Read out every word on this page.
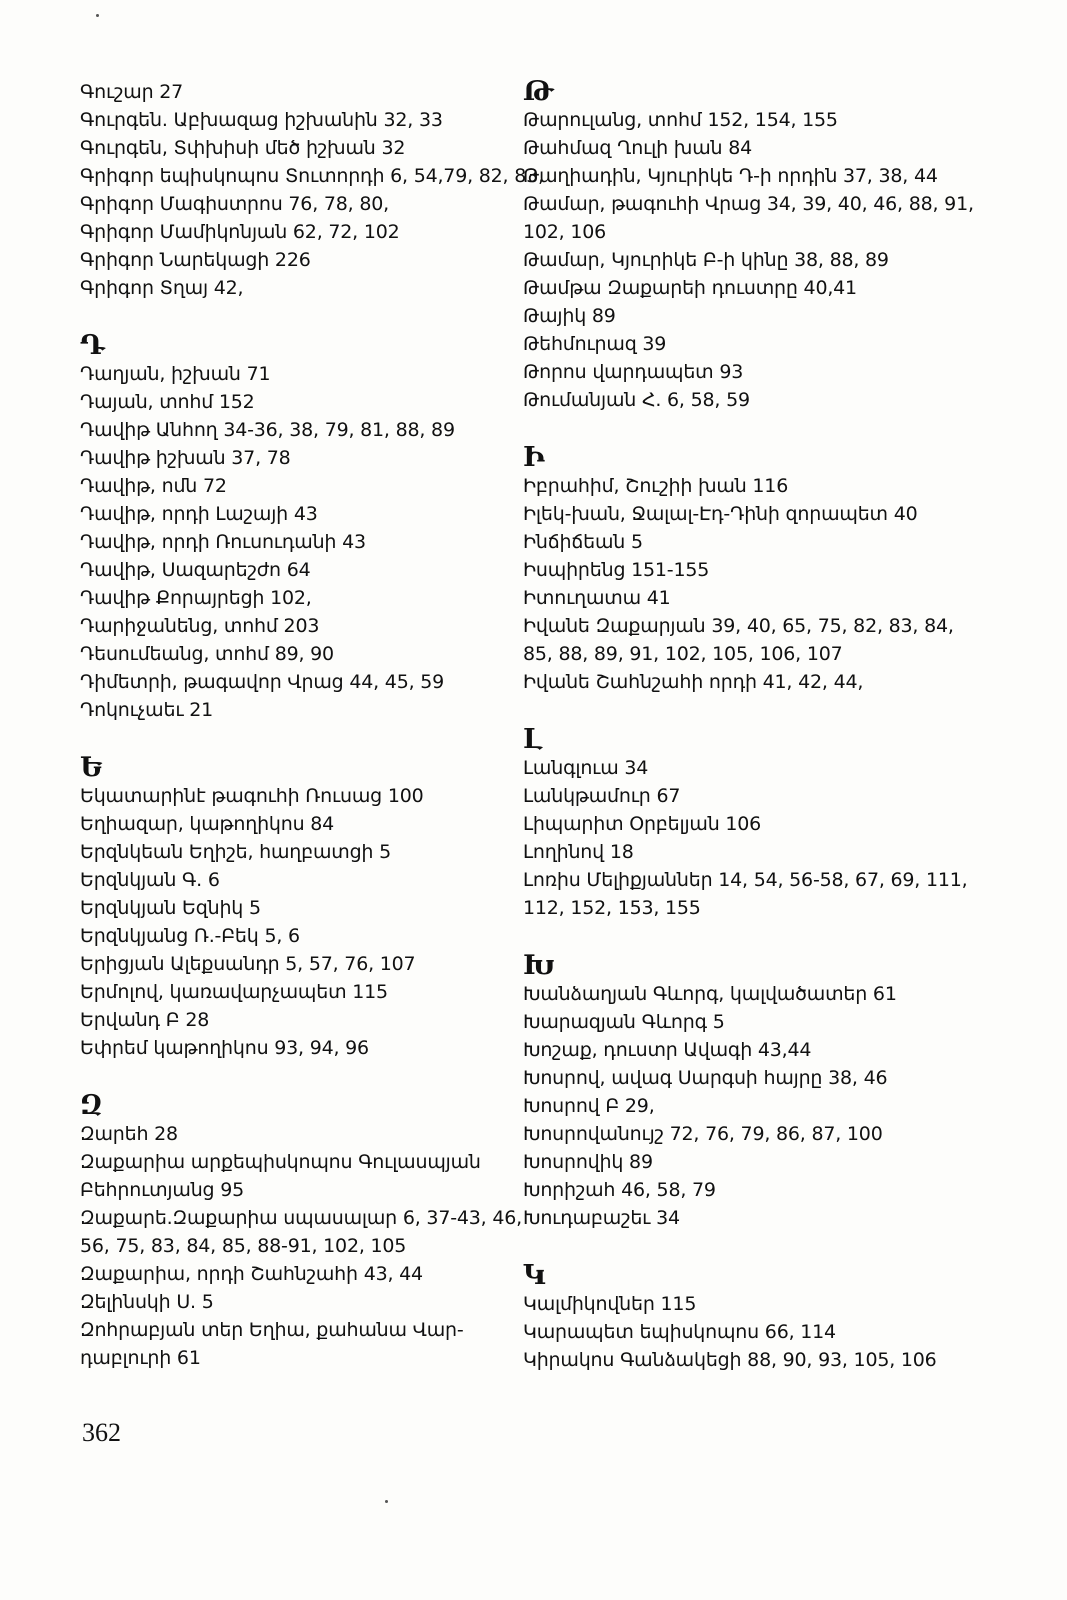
Գուշար 27
Գուրգեն. Աբխազաց իշխանին 32, 33
Գուրգեն, Տփխիսի մեծ իշխան 32
Գրիգոր եպիսկոպոս Տուտորդի 6, 54,79, 82, 83,
Գրիգոր Մագիստրոս 76, 78, 80,
Գրիգոր Մամիկոնյան 62, 72, 102
Գրիգոր Նարեկացի 226
Գրիգոր Տղայ 42,
Դ
Դաղյան, իշխան 71
Դայան, տոհմ 152
Դավիթ Անհող 34-36, 38, 79, 81, 88, 89
Դավիթ իշխան 37, 78
Դավիթ, ոմն 72
Դավիթ, որդի Լաշայի 43
Դավիթ, որդի Ռուսուդանի 43
Դավիթ, Սազարեշժո 64
Դավիթ Քորայրեցի 102,
Դարիջանենց, տոհմ 203
Դեսումեանց, տոհմ 89, 90
Դիմետրի, թագավոր Վրաց 44, 45, 59
Դոկուչաեւ 21
Ե
Եկատարինէ թագուհի Ռուսաց 100
Եղիազար, կաթողիկոս 84
Երզնկեան Եղիշե, հաղբատցի 5
Երզնկյան Գ. 6
Երզնկյան Եզնիկ 5
Երզնկյանց Ռ.-Բեկ 5, 6
Երիցյան Ալեքսանդր 5, 57, 76, 107
Երմոլով, կառավարչապետ 115
Երվանդ Բ 28
Եփրեմ կաթողիկոս 93, 94, 96
Զ
Զարեհ 28
Զաքարիա արքեպիսկոպոս Գուլասպյան
Բեհրուտյանց 95
Զաքարե.Զաքարիա սպասալար 6, 37-43, 46,
56, 75, 83, 84, 85, 88-91, 102, 105
Զաքարիա, որդի Շահնշահի 43, 44
Զելինսկի Ս. 5
Զոհրաբյան տեր Եղիա, քահանա Վար-
դաբլուրի 61
Թ
Թարուլանց, տոհմ 152, 154, 155
Թահմազ Ղուլի խան 84
Թաղիադին, Կյուրիկե Դ-ի որդին 37, 38, 44
Թամար, թագուհի Վրաց 34, 39, 40, 46, 88, 91,
102, 106
Թամար, Կյուրիկե Բ-ի կինը 38, 88, 89
Թամթա Զաքարեի դուստրը 40,41
Թայիկ 89
Թեհմուրազ 39
Թորոս վարդապետ 93
Թումանյան Հ. 6, 58, 59
Ի
Իբրահիմ, Շուշիի խան 116
Իլեկ-խան, Ջալալ-Էդ-Դինի զորապետ 40
Ինճիճեան 5
Իսպիրենց 151-155
Իտուղատա 41
Իվանե Զաքարյան 39, 40, 65, 75, 82, 83, 84,
85, 88, 89, 91, 102, 105, 106, 107
Իվանե Շահնշահի որդի 41, 42, 44,
Լ
Լանգլուա 34
Լանկթամուր 67
Լիպարիտ Օրբելյան 106
Լողինով 18
Լոռիս Մելիքյաններ 14, 54, 56-58, 67, 69, 111,
112, 152, 153, 155
Խ
Խանձաղյան Գևորգ, կալվածատեր 61
Խարազյան Գևորգ 5
Խոշաք, դուստր Ավագի 43,44
Խոսրով, ավագ Սարգսի հայրը 38, 46
Խոսրով Բ 29,
Խոսրովանույշ 72, 76, 79, 86, 87, 100
Խոսրովիկ 89
Խորիշահ 46, 58, 79
Խուդաբաշեւ 34
Կ
Կալմիկովներ 115
Կարապետ եպիսկոպոս 66, 114
Կիրակոս Գանձակեցի 88, 90, 93, 105, 106

362
